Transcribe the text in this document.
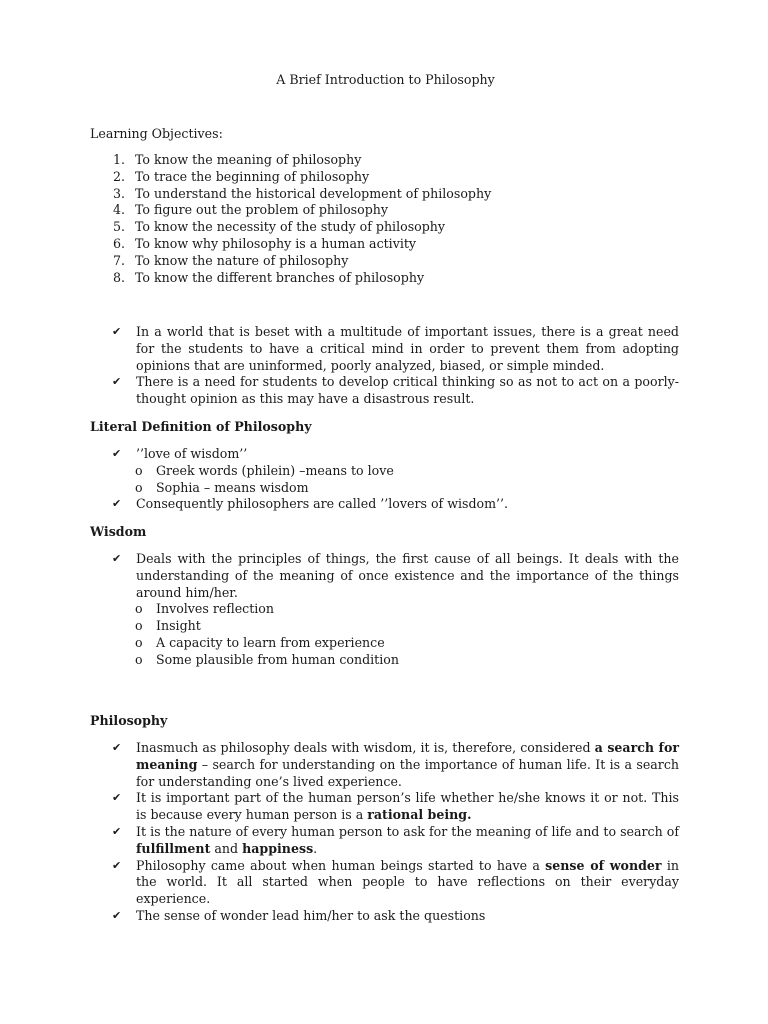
A Brief Introduction to Philosophy
Learning Objectives:
1. To know the meaning of philosophy
2. To trace the beginning of philosophy
3. To understand the historical development of philosophy
4. To figure out the problem of philosophy
5. To know the necessity of the study of philosophy
6. To know why philosophy is a human activity
7. To know the nature of philosophy
8. To know the different branches of philosophy
✔ In a world that is beset with a multitude of important issues, there is a great need for the students to have a critical mind in order to prevent them from adopting opinions that are uninformed, poorly analyzed, biased, or simple minded.
✔ There is a need for students to develop critical thinking so as not to act on a poorly-thought opinion as this may have a disastrous result.
Literal Definition of Philosophy
✔ ’’love of wisdom’’
o Greek words (philein) –means to love
o Sophia – means wisdom
✔ Consequently philosophers are called ’’lovers of wisdom’’.
Wisdom
✔ Deals with the principles of things, the first cause of all beings. It deals with the understanding of the meaning of once existence and the importance of the things around him/her.
o Involves reflection
o Insight
o A capacity to learn from experience
o Some plausible from human condition
Philosophy
✔ Inasmuch as philosophy deals with wisdom, it is, therefore, considered a search for meaning – search for understanding on the importance of human life. It is a search for understanding one’s lived experience.
✔ It is important part of the human person’s life whether he/she knows it or not. This is because every human person is a rational being.
✔ It is the nature of every human person to ask for the meaning of life and to search of fulfillment and happiness.
✔ Philosophy came about when human beings started to have a sense of wonder in the world. It all started when people to have reflections on their everyday experience.
✔ The sense of wonder lead him/her to ask the questions
